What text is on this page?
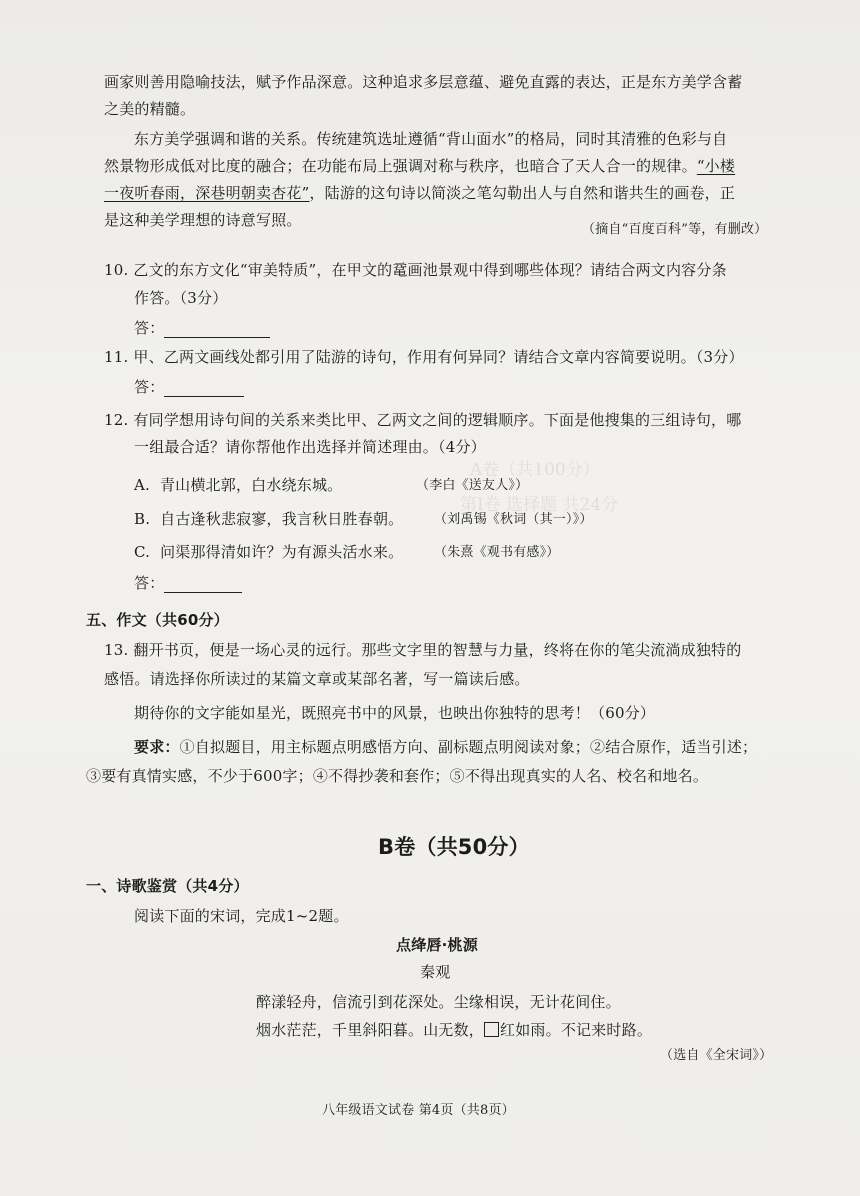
A卷（共100分）
第Ⅰ卷 选择题 共24分
画家则善用隐喻技法，赋予作品深意。这种追求多层意蕴、避免直露的表达，正是东方美学含蓄
之美的精髓。
东方美学强调和谐的关系。传统建筑选址遵循“背山面水”的格局，同时其清雅的色彩与自
然景物形成低对比度的融合；在功能布局上强调对称与秩序，也暗合了天人合一的规律。“小楼
一夜听春雨，深巷明朝卖杏花”，陆游的这句诗以简淡之笔勾勒出人与自然和谐共生的画卷，正
是这种美学理想的诗意写照。
（摘自“百度百科”等，有删改）
10. 乙文的东方文化“审美特质”，在甲文的鼋画池景观中得到哪些体现？请结合两文内容分条
作答。（3分）
答：
11. 甲、乙两文画线处都引用了陆游的诗句，作用有何异同？请结合文章内容简要说明。（3分）
答：
12. 有同学想用诗句间的关系来类比甲、乙两文之间的逻辑顺序。下面是他搜集的三组诗句，哪
一组最合适？请你帮他作出选择并简述理由。（4分）
A. 青山横北郭，白水绕东城。	（李白《送友人》）
B. 自古逢秋悲寂寥，我言秋日胜春朝。 （刘禹锡《秋词（其一）》）
C. 问渠那得清如许？为有源头活水来。 （朱熹《观书有感》）
答：
五、作文（共60分）
13. 翻开书页，便是一场心灵的远行。那些文字里的智慧与力量，终将在你的笔尖流淌成独特的
感悟。请选择你所读过的某篇文章或某部名著，写一篇读后感。
期待你的文字能如星光，既照亮书中的风景，也映出你独特的思考！（60分）
要求：①自拟题目，用主标题点明感悟方向、副标题点明阅读对象；②结合原作，适当引述；
③要有真情实感，不少于600字；④不得抄袭和套作；⑤不得出现真实的人名、校名和地名。
B卷（共50分）
一、诗歌鉴赏（共4分）
阅读下面的宋词，完成1~2题。
点绛唇·桃源
秦观
醉漾轻舟，信流引到花深处。尘缘相误，无计花间住。
烟水茫茫，千里斜阳暮。山无数， 红如雨。不记来时路。
（选自《全宋词》）
八年级语文试卷 第4页（共8页）
